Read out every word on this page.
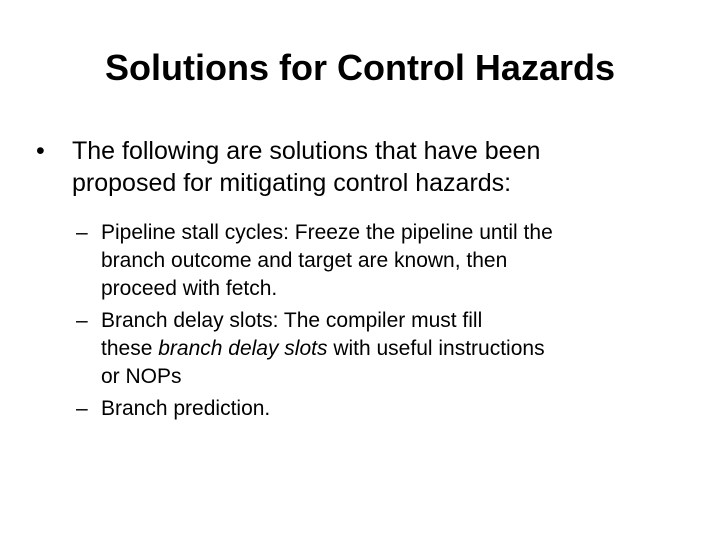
Solutions for Control Hazards
•	The following are solutions that have been
proposed for mitigating control hazards:
– Pipeline stall cycles: Freeze the pipeline until the
branch outcome and target are known, then
proceed with fetch.
– Branch delay slots: The compiler must fill
these branch delay slots with useful instructions
or NOPs
– Branch prediction.
